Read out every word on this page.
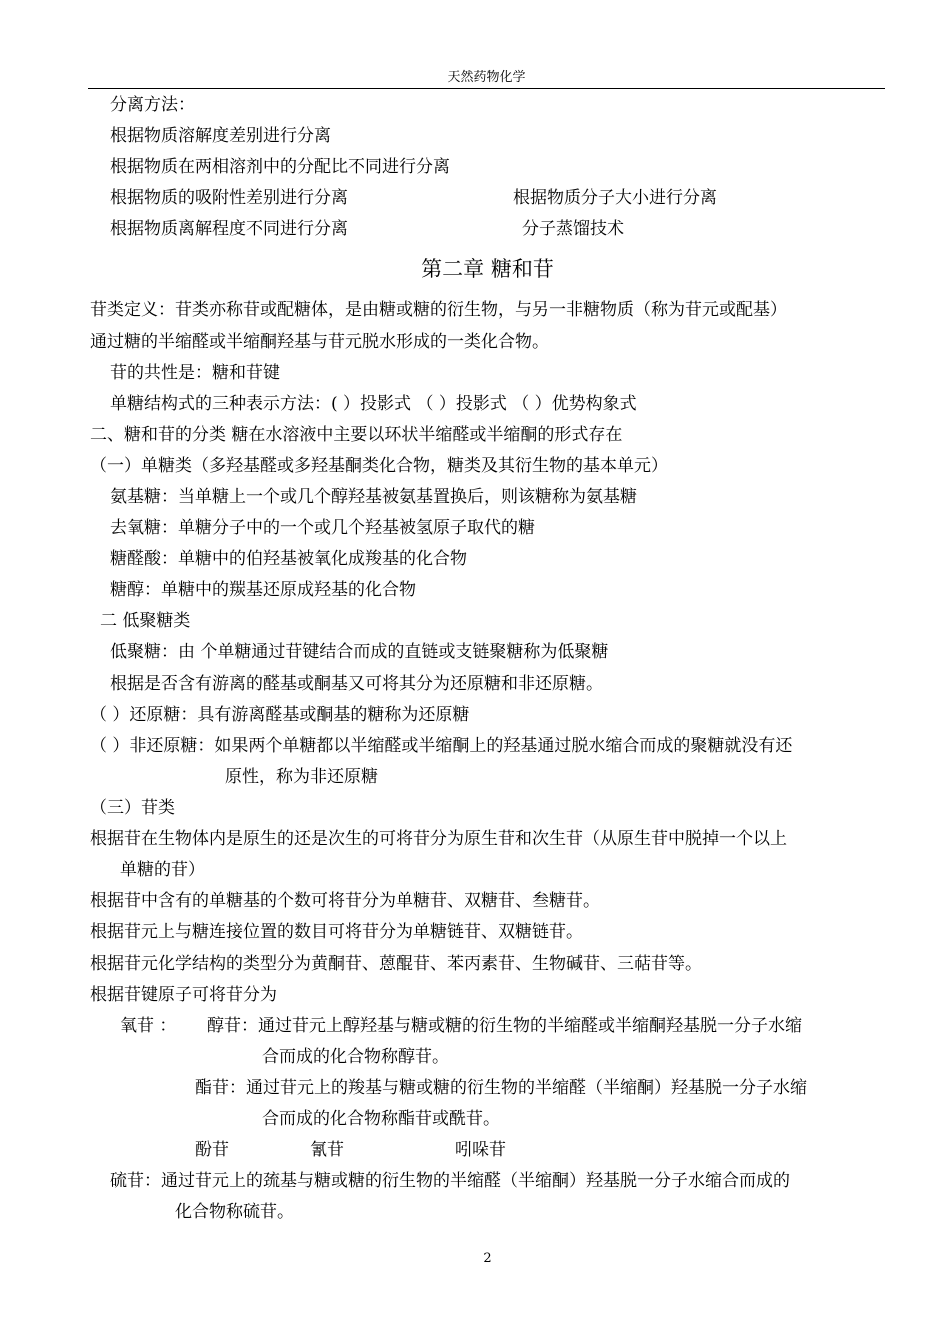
天然药物化学
分离方法：
根据物质溶解度差别进行分离
根据物质在两相溶剂中的分配比不同进行分离
根据物质的吸附性差别进行分离	根据物质分子大小进行分离
根据物质离解程度不同进行分离	分子蒸馏技术
第二章 糖和苷
苷类定义：苷类亦称苷或配糖体，是由糖或糖的衍生物，与另一非糖物质（称为苷元或配基）
通过糖的半缩醛或半缩酮羟基与苷元脱水形成的一类化合物。
苷的共性是：糖和苷键
单糖结构式的三种表示方法：( ）投影式 （ ）投影式 （ ）优势构象式
二、糖和苷的分类 糖在水溶液中主要以环状半缩醛或半缩酮的形式存在
（一）单糖类（多羟基醛或多羟基酮类化合物，糖类及其衍生物的基本单元）
氨基糖：当单糖上一个或几个醇羟基被氨基置换后，则该糖称为氨基糖
去氧糖：单糖分子中的一个或几个羟基被氢原子取代的糖
糖醛酸：单糖中的伯羟基被氧化成羧基的化合物
糖醇：单糖中的羰基还原成羟基的化合物
二 低聚糖类
低聚糖：由 个单糖通过苷键结合而成的直链或支链聚糖称为低聚糖
根据是否含有游离的醛基或酮基又可将其分为还原糖和非还原糖。
（ ）还原糖：具有游离醛基或酮基的糖称为还原糖
（ ）非还原糖：如果两个单糖都以半缩醛或半缩酮上的羟基通过脱水缩合而成的聚糖就没有还
原性，称为非还原糖
（三）苷类
根据苷在生物体内是原生的还是次生的可将苷分为原生苷和次生苷（从原生苷中脱掉一个以上
单糖的苷）
根据苷中含有的单糖基的个数可将苷分为单糖苷、双糖苷、叁糖苷。
根据苷元上与糖连接位置的数目可将苷分为单糖链苷、双糖链苷。
根据苷元化学结构的类型分为黄酮苷、蒽醌苷、苯丙素苷、生物碱苷、三萜苷等。
根据苷键原子可将苷分为
氧苷 ： 醇苷：通过苷元上醇羟基与糖或糖的衍生物的半缩醛或半缩酮羟基脱一分子水缩
合而成的化合物称醇苷。
酯苷：通过苷元上的羧基与糖或糖的衍生物的半缩醛（半缩酮）羟基脱一分子水缩
合而成的化合物称酯苷或酰苷。
酚苷	氰苷	吲哚苷
硫苷：通过苷元上的巯基与糖或糖的衍生物的半缩醛（半缩酮）羟基脱一分子水缩合而成的
化合物称硫苷。
2
